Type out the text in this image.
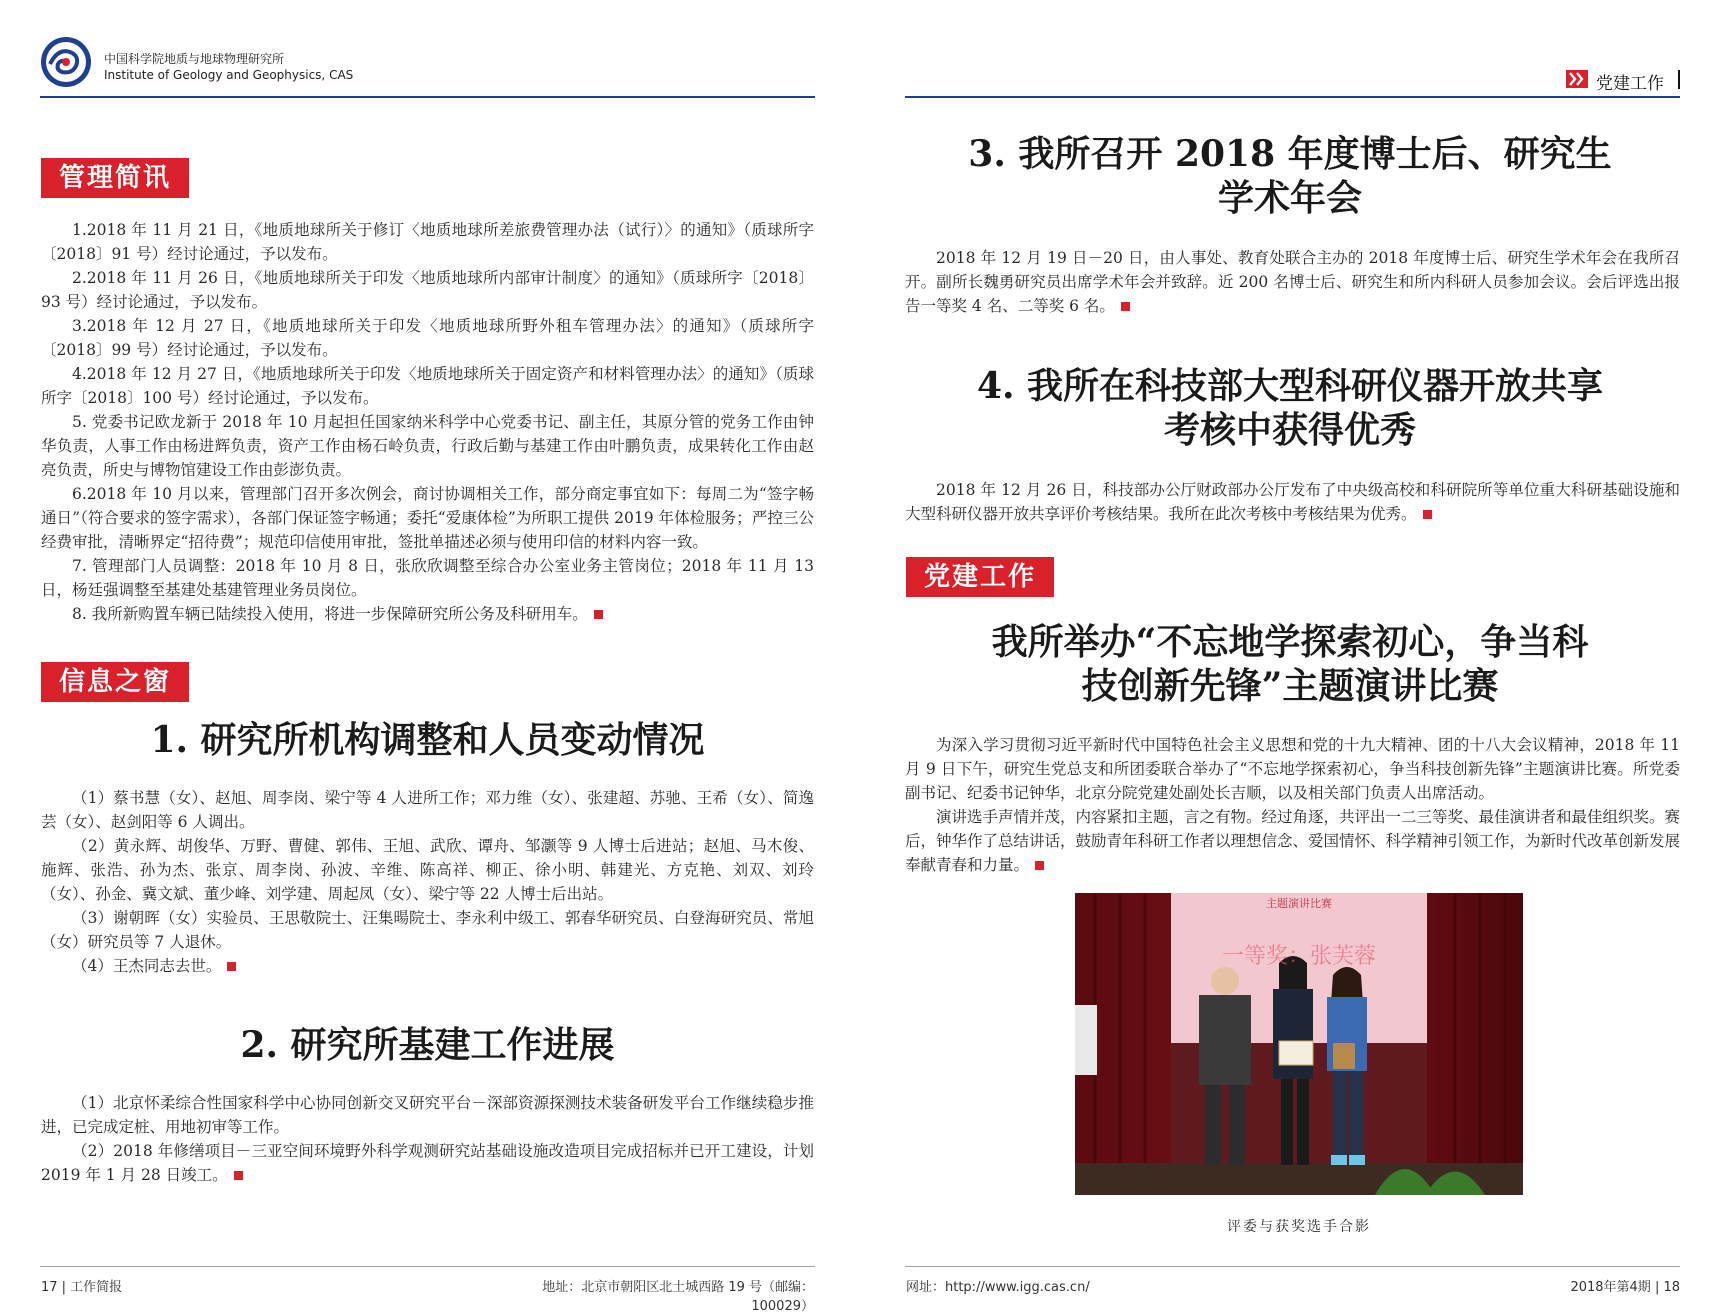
中国科学院地质与地球物理研究所
Institute of Geology and Geophysics, CAS	党建工作
管理简讯

1.2018 年 11 月 21 日，《地质地球所关于修订〈地质地球所差旅费管理办法（试行）〉的通知》（质球所字〔2018〕91 号）经讨论通过，予以发布。

2.2018 年 11 月 26 日，《地质地球所关于印发〈地质地球所内部审计制度〉的通知》（质球所字〔2018〕93 号）经讨论通过，予以发布。

3.2018 年 12 月 27 日，《地质地球所关于印发〈地质地球所野外租车管理办法〉的通知》（质球所字〔2018〕99 号）经讨论通过，予以发布。

4.2018 年 12 月 27 日，《地质地球所关于印发〈地质地球所关于固定资产和材料管理办法〉的通知》（质球所字〔2018〕100 号）经讨论通过，予以发布。

5. 党委书记欧龙新于 2018 年 10 月起担任国家纳米科学中心党委书记、副主任，其原分管的党务工作由钟华负责，人事工作由杨进辉负责，资产工作由杨石岭负责，行政后勤与基建工作由叶鹏负责，成果转化工作由赵亮负责，所史与博物馆建设工作由彭澎负责。

6.2018 年 10 月以来，管理部门召开多次例会，商讨协调相关工作，部分商定事宜如下：每周二为“签字畅通日”（符合要求的签字需求），各部门保证签字畅通；委托“爱康体检”为所职工提供 2019 年体检服务；严控三公经费审批，清晰界定“招待费”；规范印信使用审批，签批单描述必须与使用印信的材料内容一致。

7. 管理部门人员调整：2018 年 10 月 8 日，张欣欣调整至综合办公室业务主管岗位；2018 年 11 月 13 日，杨廷强调整至基建处基建管理业务员岗位。

8. 我所新购置车辆已陆续投入使用，将进一步保障研究所公务及科研用车。

信息之窗
1. 研究所机构调整和人员变动情况

（1）蔡书慧（女）、赵旭、周李岗、梁宁等 4 人进所工作；邓力维（女）、张建超、苏驰、王希（女）、简逸芸（女）、赵剑阳等 6 人调出。

（2）黄永辉、胡俊华、万野、曹健、郭伟、王旭、武欣、谭舟、邹灏等 9 人博士后进站；赵旭、马木俊、施辉、张浩、孙为杰、张京、周李岗、孙波、辛维、陈高祥、柳正、徐小明、韩建光、方克艳、刘双、刘玲（女）、孙金、冀文斌、董少峰、刘学建、周起凤（女）、梁宁等 22 人博士后出站。

（3）谢朝晖（女）实验员、王思敬院士、汪集暘院士、李永利中级工、郭春华研究员、白登海研究员、常旭（女）研究员等 7 人退休。

（4）王杰同志去世。

2. 研究所基建工作进展

（1）北京怀柔综合性国家科学中心协同创新交叉研究平台－深部资源探测技术装备研发平台工作继续稳步推进，已完成定桩、用地初审等工作。

（2）2018 年修缮项目－三亚空间环境野外科学观测研究站基础设施改造项目完成招标并已开工建设，计划 2019 年 1 月 28 日竣工。

3. 我所召开 2018 年度博士后、研究生学术年会

2018 年 12 月 19 日－20 日，由人事处、教育处联合主办的 2018 年度博士后、研究生学术年会在我所召开。副所长魏勇研究员出席学术年会并致辞。近 200 名博士后、研究生和所内科研人员参加会议。会后评选出报告一等奖 4 名、二等奖 6 名。

4. 我所在科技部大型科研仪器开放共享考核中获得优秀

2018 年 12 月 26 日，科技部办公厅财政部办公厅发布了中央级高校和科研院所等单位重大科研基础设施和大型科研仪器开放共享评价考核结果。我所在此次考核中考核结果为优秀。

党建工作
我所举办“不忘地学探索初心，争当科技创新先锋”主题演讲比赛

为深入学习贯彻习近平新时代中国特色社会主义思想和党的十九大精神、团的十八大会议精神，2018 年 11 月 9 日下午，研究生党总支和所团委联合举办了“不忘地学探索初心，争当科技创新先锋”主题演讲比赛。所党委副书记、纪委书记钟华，北京分院党建处副处长吉顺，以及相关部门负责人出席活动。

演讲选手声情并茂，内容紧扣主题，言之有物。经过角逐，共评出一二三等奖、最佳演讲者和最佳组织奖。赛后，钟华作了总结讲话，鼓励青年科研工作者以理想信念、爱国情怀、科学精神引领工作，为新时代改革创新发展奉献青春和力量。

主题演讲比赛
一等奖：张芙蓉
评委与获奖选手合影
17 | 工作简报	地址：北京市朝阳区北土城西路 19 号（邮编：100029）
网址：http://www.igg.cas.cn/	2018年第4期 | 18
